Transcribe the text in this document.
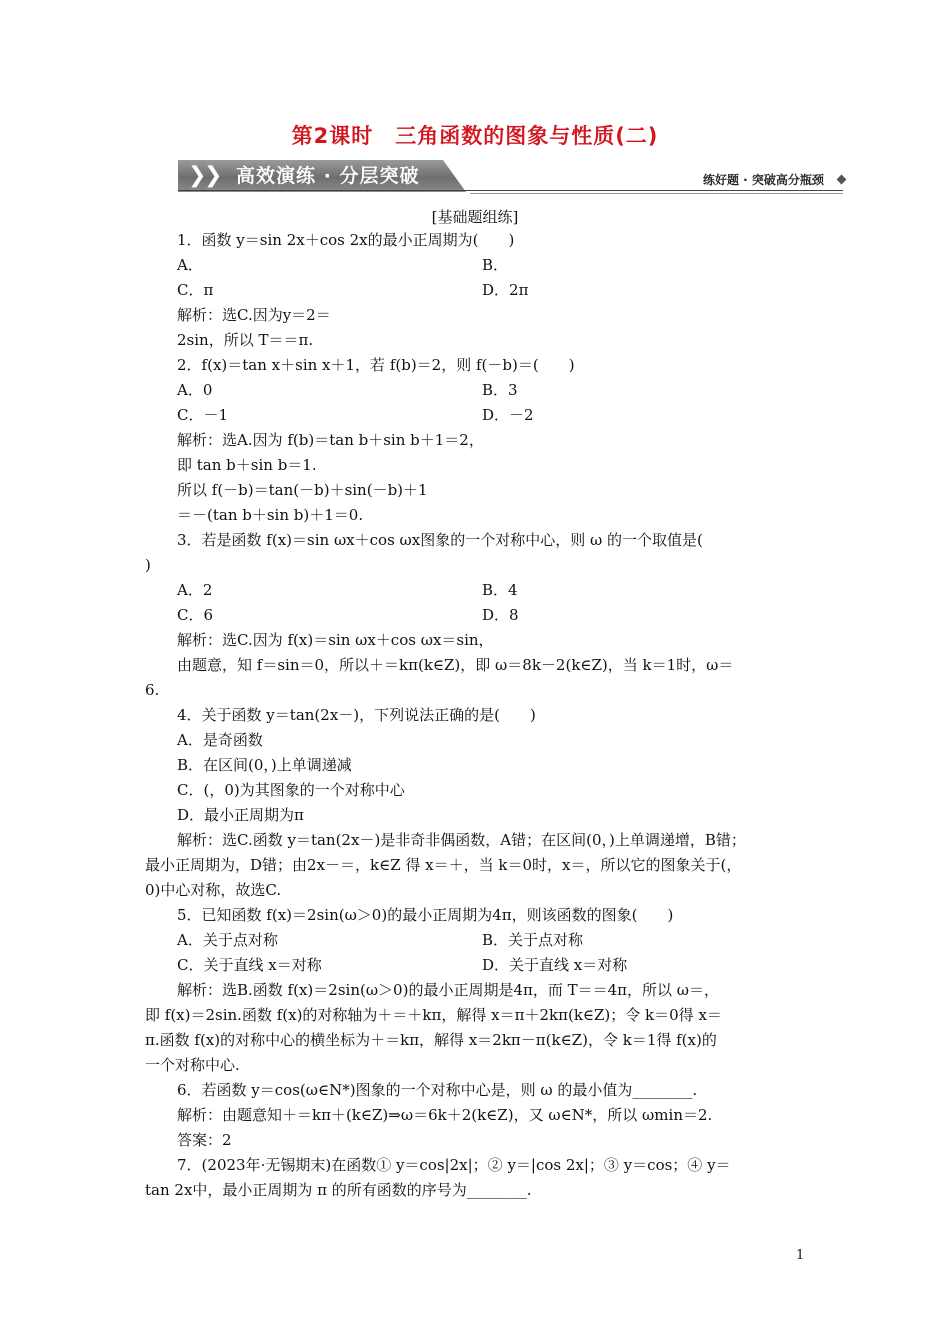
第2课时　三角函数的图象与性质(二)
❯
❯ 高效演练 · 分层突破	练好题 · 突破高分瓶颈
[基础题组练]
1．函数 y＝sin 2x＋cos 2x的最小正周期为(　　)
A．	B．
C．π	D．2π
解析：选C.因为y＝2＝
2sin，所以 T＝＝π.
2．f(x)＝tan x＋sin x＋1，若 f(b)＝2，则 f(－b)＝(　　)
A．0	B．3
C．－1	D．－2
解析：选A.因为 f(b)＝tan b＋sin b＋1＝2，
即 tan b＋sin b＝1.
所以 f(－b)＝tan(－b)＋sin(－b)＋1
＝－(tan b＋sin b)＋1＝0.
3．若是函数 f(x)＝sin ωx＋cos ωx图象的一个对称中心，则 ω 的一个取值是(
)
A．2	B．4
C．6	D．8
解析：选C.因为 f(x)＝sin ωx＋cos ωx＝sin，
由题意，知 f＝sin＝0，所以＋＝kπ(k∈Z)，即 ω＝8k－2(k∈Z)，当 k＝1时，ω＝
6.
4．关于函数 y＝tan(2x－)，下列说法正确的是(　　)
A．是奇函数
B．在区间(0，)上单调递减
C．(，0)为其图象的一个对称中心
D．最小正周期为π
解析：选C.函数 y＝tan(2x－)是非奇非偶函数，A错；在区间(0，)上单调递增，B错；
最小正周期为，D错；由2x－＝，k∈Z 得 x＝＋，当 k＝0时，x＝，所以它的图象关于(，
0)中心对称，故选C.
5．已知函数 f(x)＝2sin(ω＞0)的最小正周期为4π，则该函数的图象(　　)
A．关于点对称	B．关于点对称
C．关于直线 x＝对称	D．关于直线 x＝对称
解析：选B.函数 f(x)＝2sin(ω＞0)的最小正周期是4π，而 T＝＝4π，所以 ω＝，
即 f(x)＝2sin.函数 f(x)的对称轴为＋＝＋kπ，解得 x＝π＋2kπ(k∈Z)；令 k＝0得 x＝
π.函数 f(x)的对称中心的横坐标为＋＝kπ，解得 x＝2kπ－π(k∈Z)，令 k＝1得 f(x)的
一个对称中心.
6．若函数 y＝cos(ω∈N*)图象的一个对称中心是，则 ω 的最小值为________.
解析：由题意知＋＝kπ＋(k∈Z)⇒ω＝6k＋2(k∈Z)，又 ω∈N*，所以 ωmin＝2.
答案：2
7．(2023年·无锡期末)在函数① y＝cos|2x|；② y＝|cos 2x|；③ y＝cos；④ y＝
tan 2x中，最小正周期为 π 的所有函数的序号为________.
1
